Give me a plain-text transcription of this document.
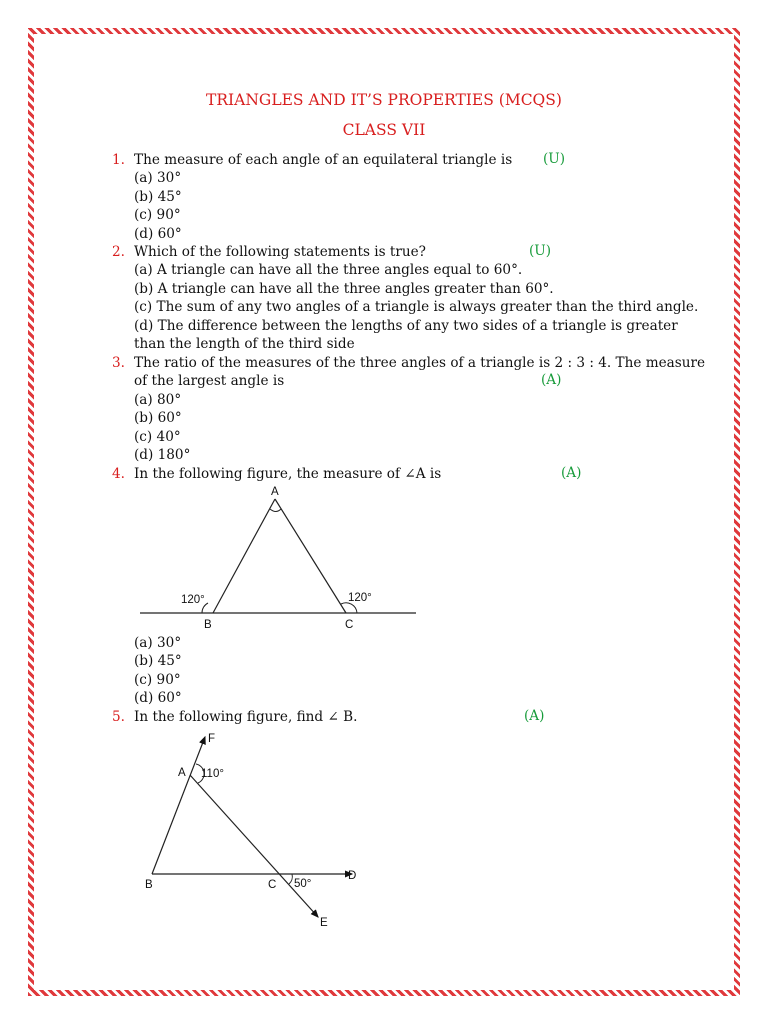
TRIANGLES AND IT’S PROPERTIES (MCQS)
CLASS VII
1. The measure of each angle of an equilateral triangle is
(a) 30°
(b) 45°
(c) 90°
(d) 60°
(U)
2. Which of the following statements is true?
(a) A triangle can have all the three angles equal to 60°.
(b) A triangle can have all the three angles greater than 60°.
(c) The sum of any two angles of a triangle is always greater than the third angle.
(d) The difference between the lengths of any two sides of a triangle is greater
than the length of the third side
(U)
3. The ratio of the measures of the three angles of a triangle is 2 : 3 : 4. The measure
of the largest angle is
(a) 80°
(b) 60°
(c) 40°
(d) 180°
(A)
4. In the following figure, the measure of ∠A is	(A)
A
B	C
120°	120°
(a) 30°
(b) 45°
(c) 90°
(d) 60°
5. In the following figure, find ∠ B.	(A)
F
A 110°
B	C 50°
D
E
